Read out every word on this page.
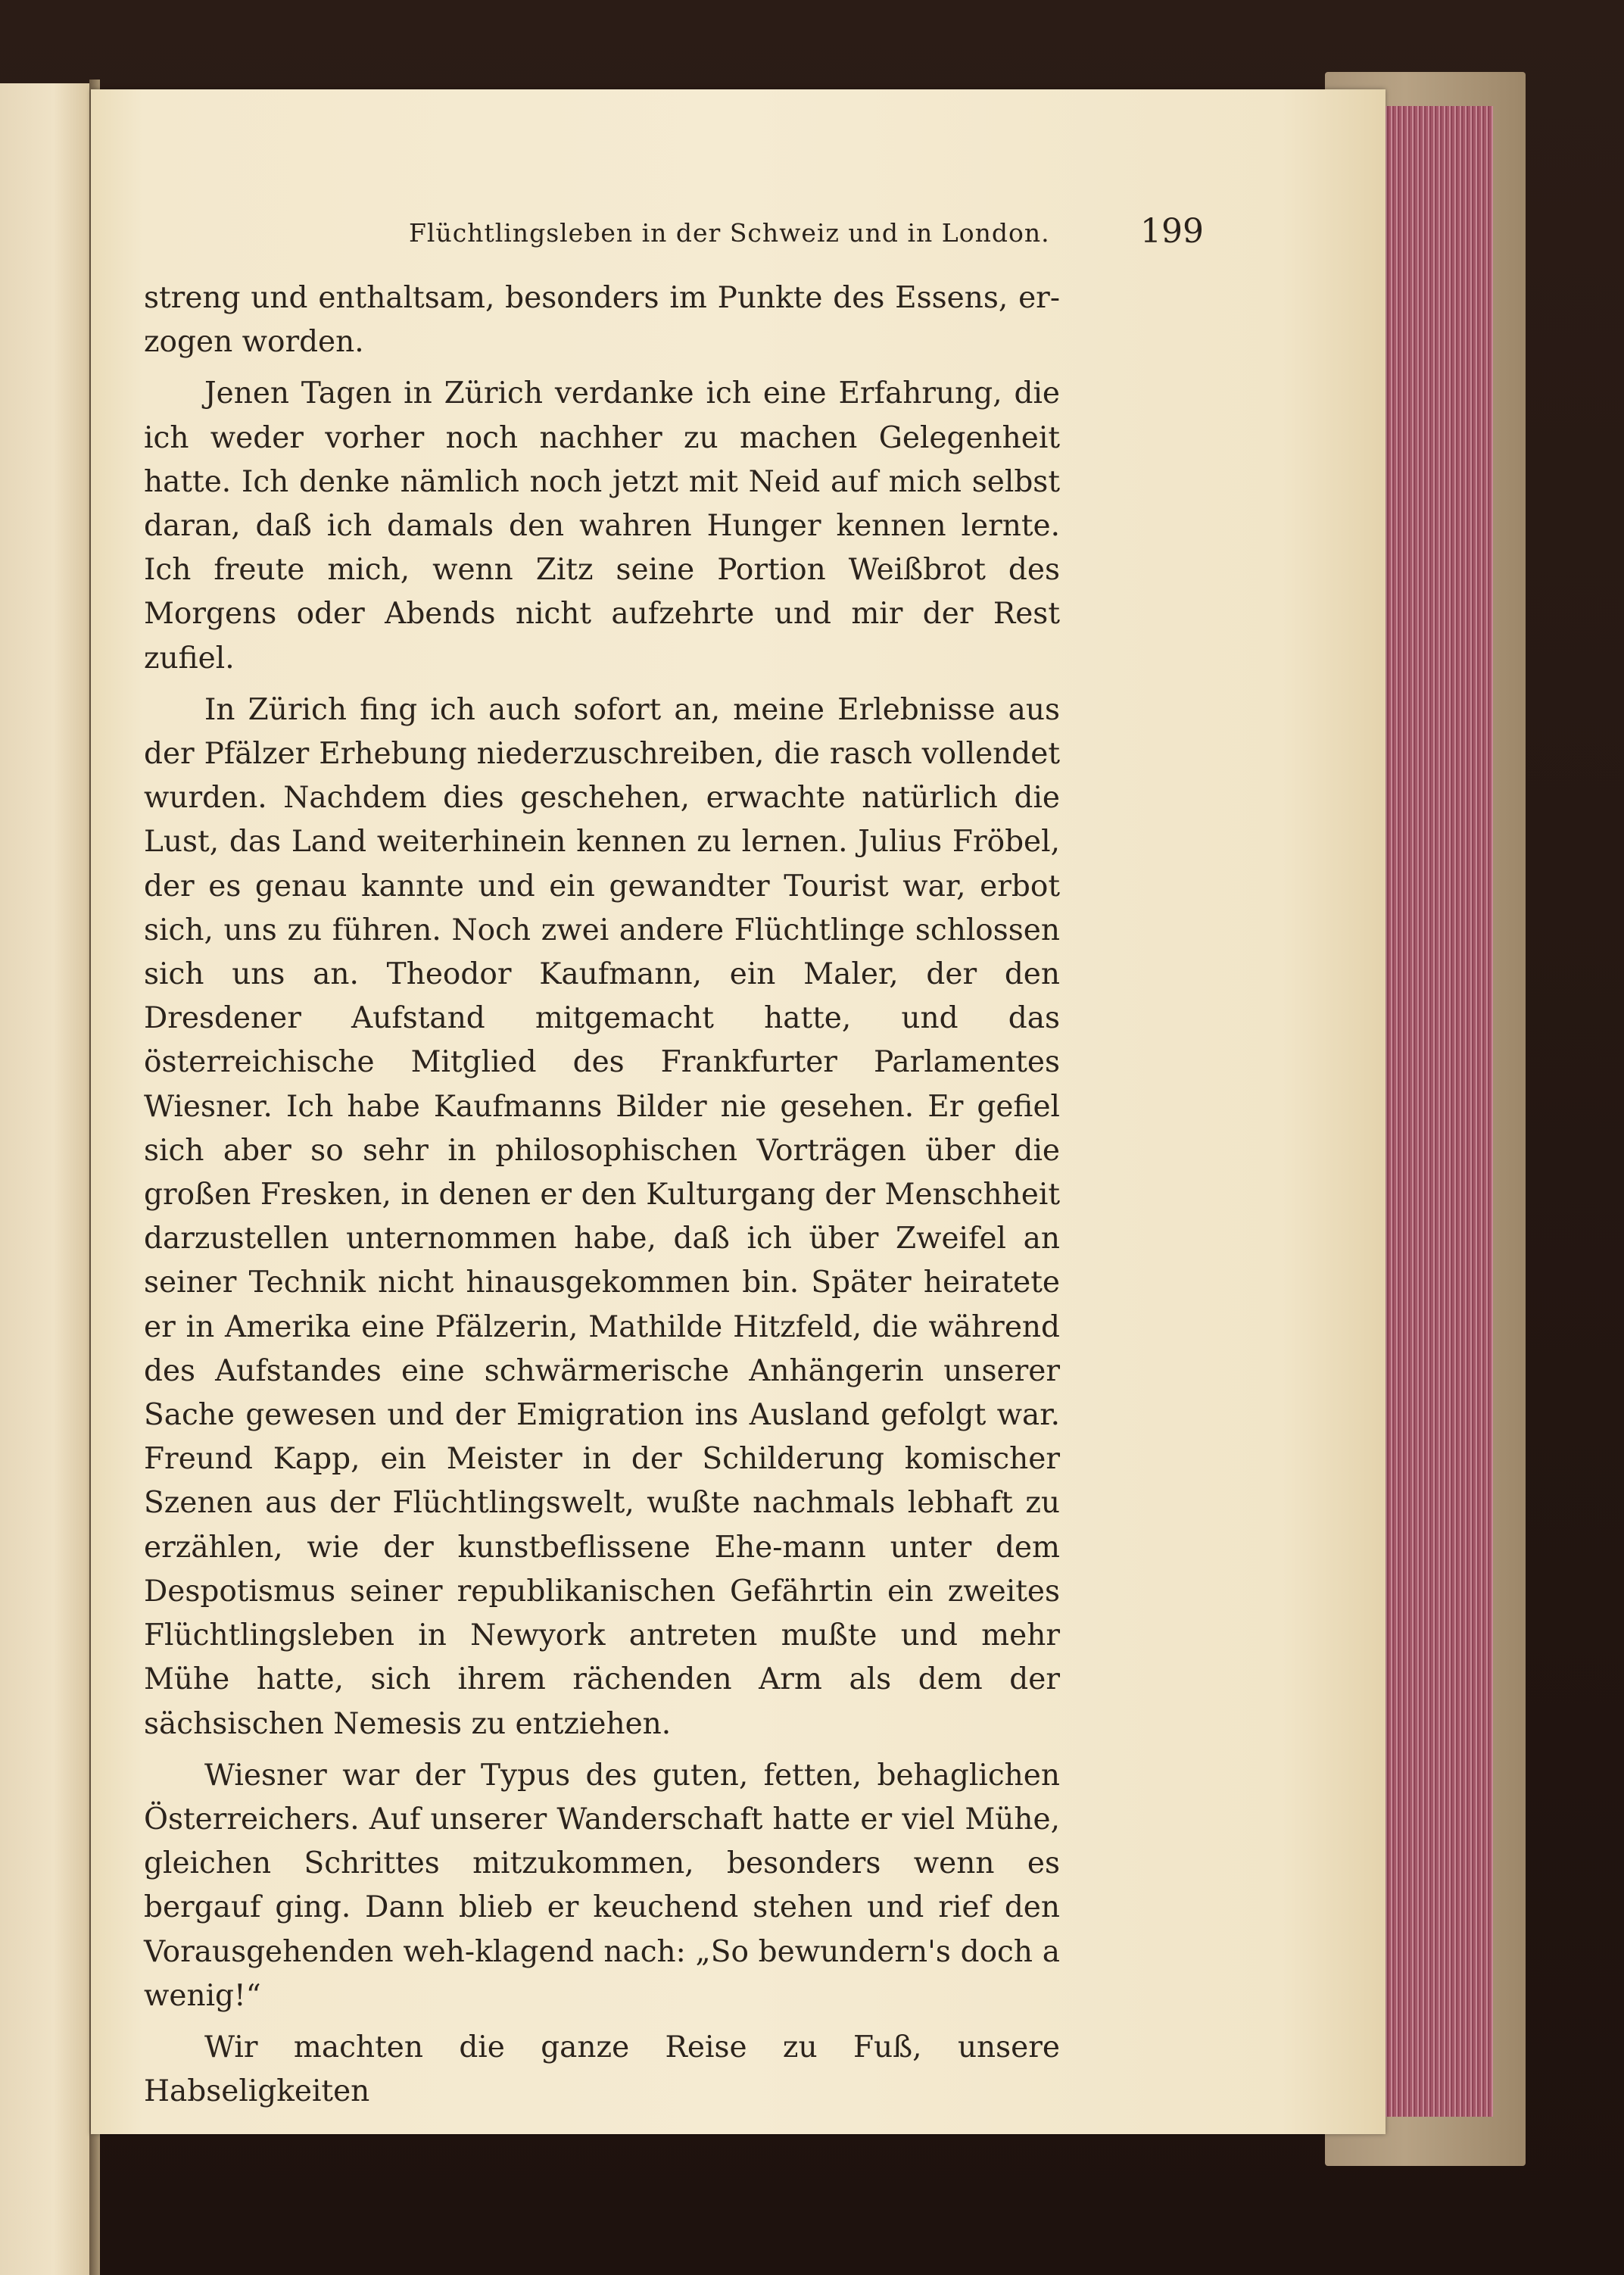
Flüchtlingsleben in der Schweiz und in London.	199

streng und enthaltsam, besonders im Punkte des Essens, er-zogen worden.

Jenen Tagen in Zürich verdanke ich eine Erfahrung, die ich weder vorher noch nachher zu machen Gelegenheit hatte. Ich denke nämlich noch jetzt mit Neid auf mich selbst daran, daß ich damals den wahren Hunger kennen lernte. Ich freute mich, wenn Zitz seine Portion Weißbrot des Morgens oder Abends nicht aufzehrte und mir der Rest zufiel.

In Zürich fing ich auch sofort an, meine Erlebnisse aus der Pfälzer Erhebung niederzuschreiben, die rasch vollendet wurden. Nachdem dies geschehen, erwachte natürlich die Lust, das Land weiterhinein kennen zu lernen. Julius Fröbel, der es genau kannte und ein gewandter Tourist war, erbot sich, uns zu führen. Noch zwei andere Flüchtlinge schlossen sich uns an. Theodor Kaufmann, ein Maler, der den Dresdener Aufstand mitgemacht hatte, und das österreichische Mitglied des Frankfurter Parlamentes Wiesner. Ich habe Kaufmanns Bilder nie gesehen. Er gefiel sich aber so sehr in philosophischen Vorträgen über die großen Fresken, in denen er den Kulturgang der Menschheit darzustellen unternommen habe, daß ich über Zweifel an seiner Technik nicht hinausgekommen bin. Später heiratete er in Amerika eine Pfälzerin, Mathilde Hitzfeld, die während des Aufstandes eine schwärmerische Anhängerin unserer Sache gewesen und der Emigration ins Ausland gefolgt war. Freund Kapp, ein Meister in der Schilderung komischer Szenen aus der Flüchtlingswelt, wußte nachmals lebhaft zu erzählen, wie der kunstbeflissene Ehe-mann unter dem Despotismus seiner republikanischen Gefährtin ein zweites Flüchtlingsleben in Newyork antreten mußte und mehr Mühe hatte, sich ihrem rächenden Arm als dem der sächsischen Nemesis zu entziehen.

Wiesner war der Typus des guten, fetten, behaglichen Österreichers. Auf unserer Wanderschaft hatte er viel Mühe, gleichen Schrittes mitzukommen, besonders wenn es bergauf ging. Dann blieb er keuchend stehen und rief den Vorausgehenden weh-klagend nach: „So bewundern's doch a wenig!“

Wir machten die ganze Reise zu Fuß, unsere Habseligkeiten
